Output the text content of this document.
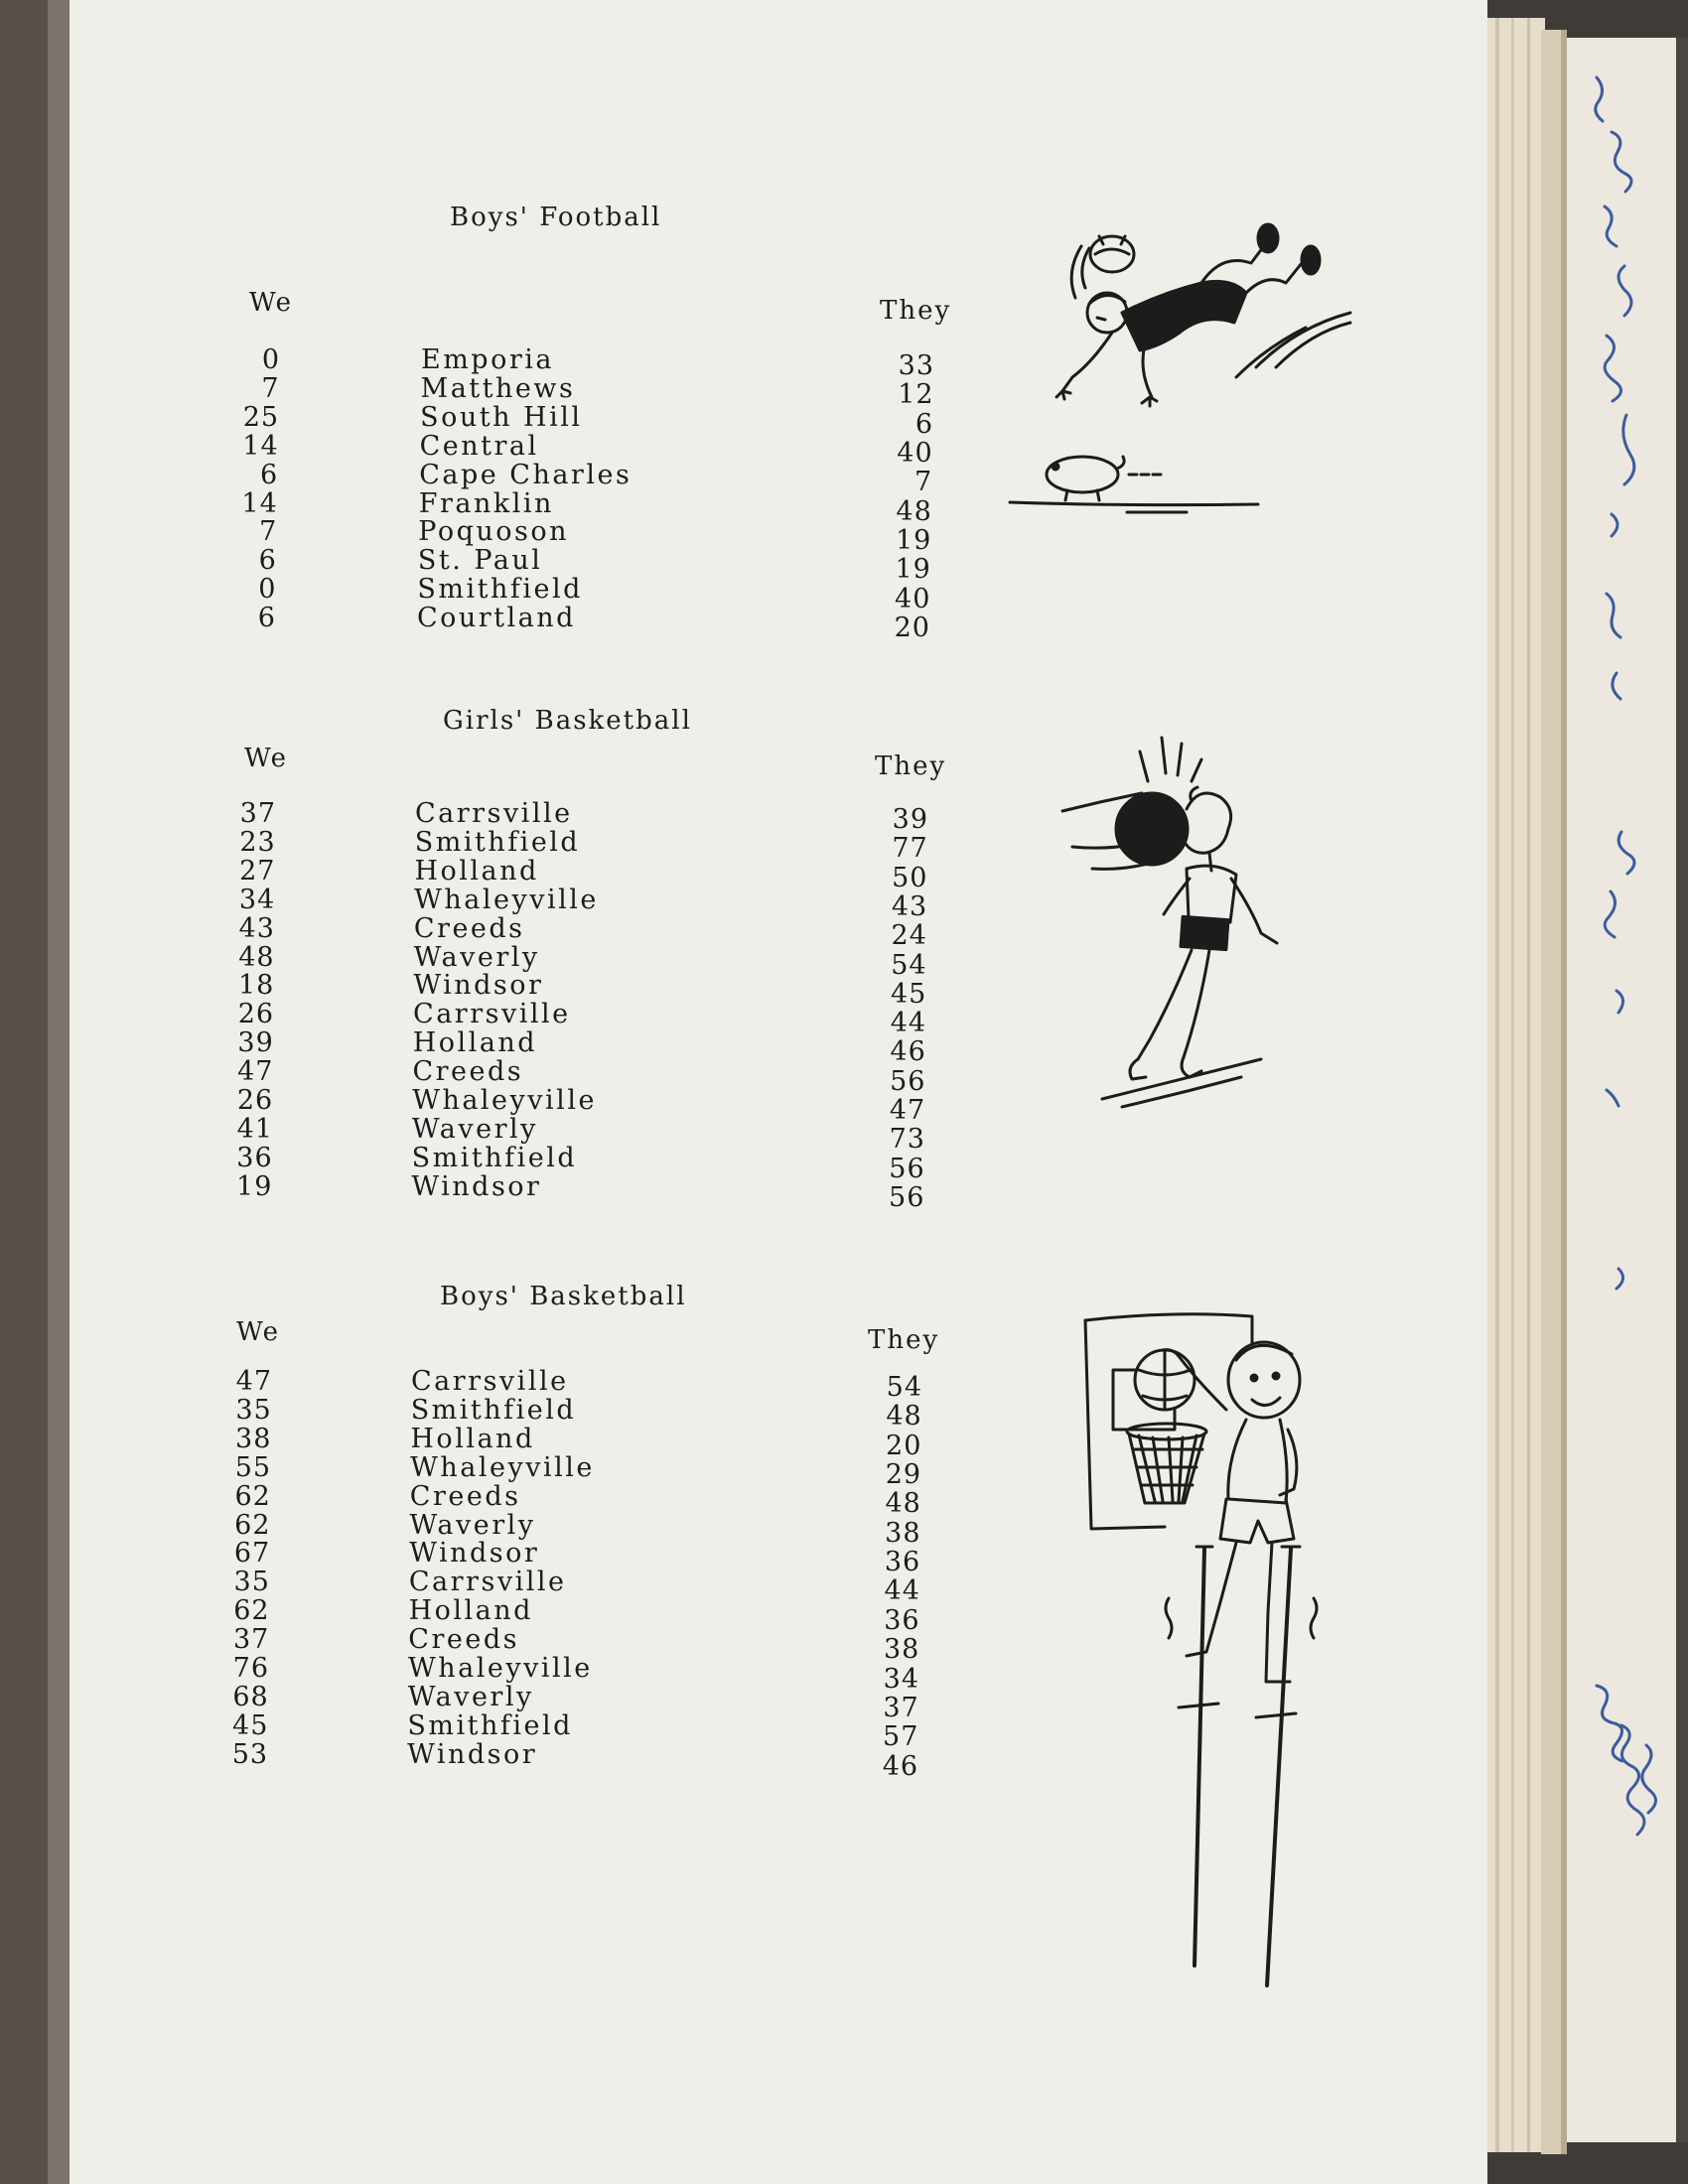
Boys' Football
We	They
0	Emporia	33
7	Matthews	12
25	South Hill	6
14	Central	40
6	Cape Charles	7
14	Franklin	48
7	Poquoson	19
6	St. Paul	19
0	Smithfield	40
6	Courtland	20
Girls' Basketball
We	They
37	Carrsville	39
23	Smithfield	77
27	Holland	50
34	Whaleyville	43
43	Creeds	24
48	Waverly	54
18	Windsor	45
26	Carrsville	44
39	Holland	46
47	Creeds	56
26	Whaleyville	47
41	Waverly	73
36	Smithfield	56
19	Windsor	56
Boys' Basketball
We	They
47	Carrsville	54
35	Smithfield	48
38	Holland	20
55	Whaleyville	29
62	Creeds	48
62	Waverly	38
67	Windsor	36
35	Carrsville	44
62	Holland	36
37	Creeds	38
76	Whaleyville	34
68	Waverly	37
45	Smithfield	57
53	Windsor	46
